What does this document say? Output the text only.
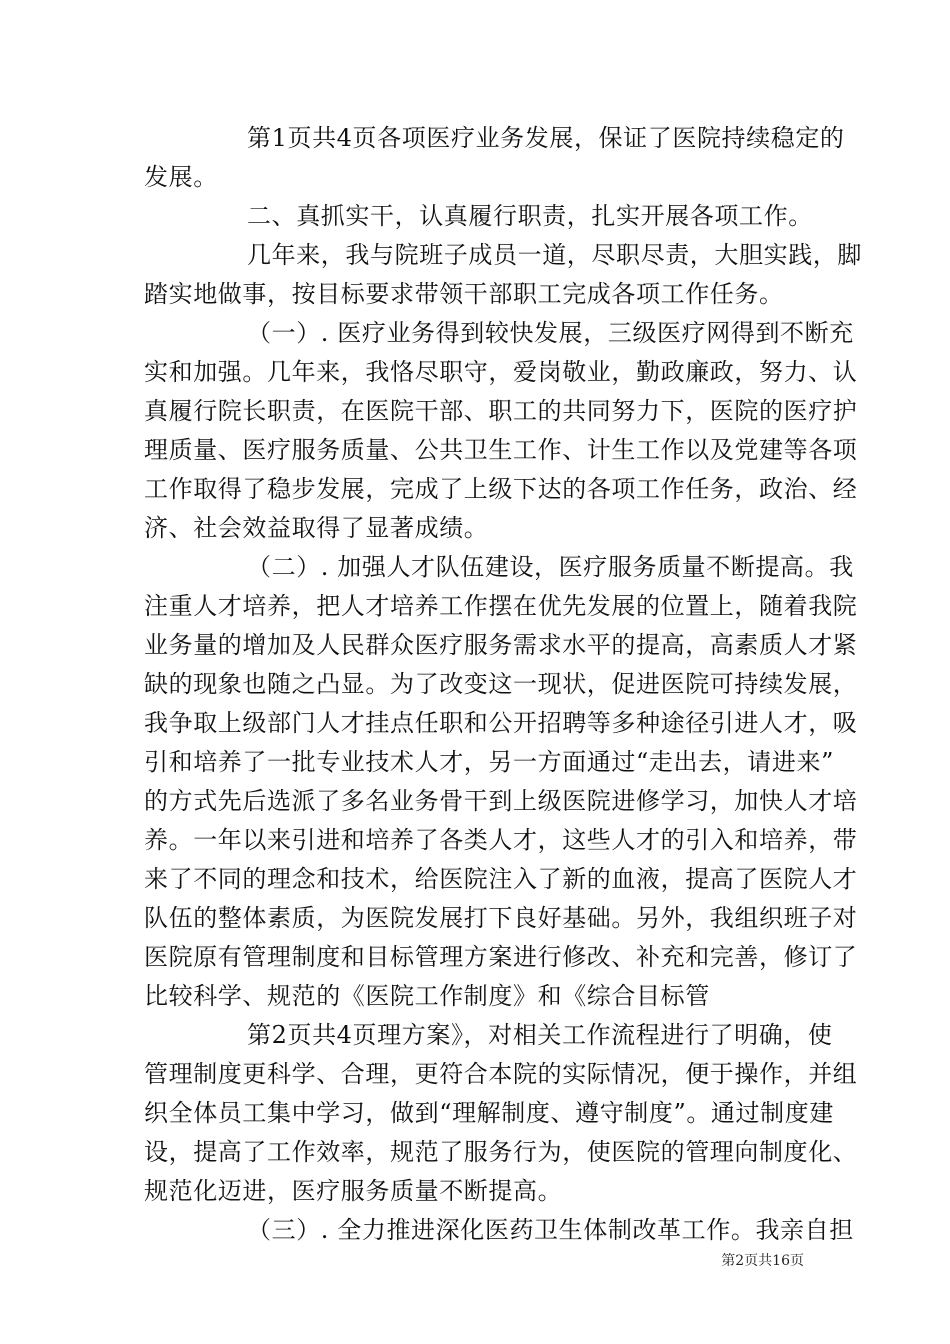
第1页共4页各项医疗业务发展，保证了医院持续稳定的
发展。
二、真抓实干，认真履行职责，扎实开展各项工作。
几年来，我与院班子成员一道，尽职尽责，大胆实践，脚
踏实地做事，按目标要求带领干部职工完成各项工作任务。
（一）. 医疗业务得到较快发展，三级医疗网得到不断充
实和加强。几年来，我恪尽职守，爱岗敬业，勤政廉政，努力、认
真履行院长职责，在医院干部、职工的共同努力下，医院的医疗护
理质量、医疗服务质量、公共卫生工作、计生工作以及党建等各项
工作取得了稳步发展，完成了上级下达的各项工作任务，政治、经
济、社会效益取得了显著成绩。
（二）. 加强人才队伍建设，医疗服务质量不断提高。我
注重人才培养，把人才培养工作摆在优先发展的位置上，随着我院
业务量的增加及人民群众医疗服务需求水平的提高，高素质人才紧
缺的现象也随之凸显。为了改变这一现状，促进医院可持续发展，
我争取上级部门人才挂点任职和公开招聘等多种途径引进人才，吸
引和培养了一批专业技术人才，另一方面通过“走出去，请进来”
的方式先后选派了多名业务骨干到上级医院进修学习，加快人才培
养。一年以来引进和培养了各类人才，这些人才的引入和培养，带
来了不同的理念和技术，给医院注入了新的血液，提高了医院人才
队伍的整体素质，为医院发展打下良好基础。另外，我组织班子对
医院原有管理制度和目标管理方案进行修改、补充和完善，修订了
比较科学、规范的《医院工作制度》和《综合目标管
第2页共4页理方案》，对相关工作流程进行了明确，使
管理制度更科学、合理，更符合本院的实际情况，便于操作，并组
织全体员工集中学习，做到“理解制度、遵守制度”。通过制度建
设，提高了工作效率，规范了服务行为，使医院的管理向制度化、
规范化迈进，医疗服务质量不断提高。
（三）. 全力推进深化医药卫生体制改革工作。我亲自担
第2页共16页
